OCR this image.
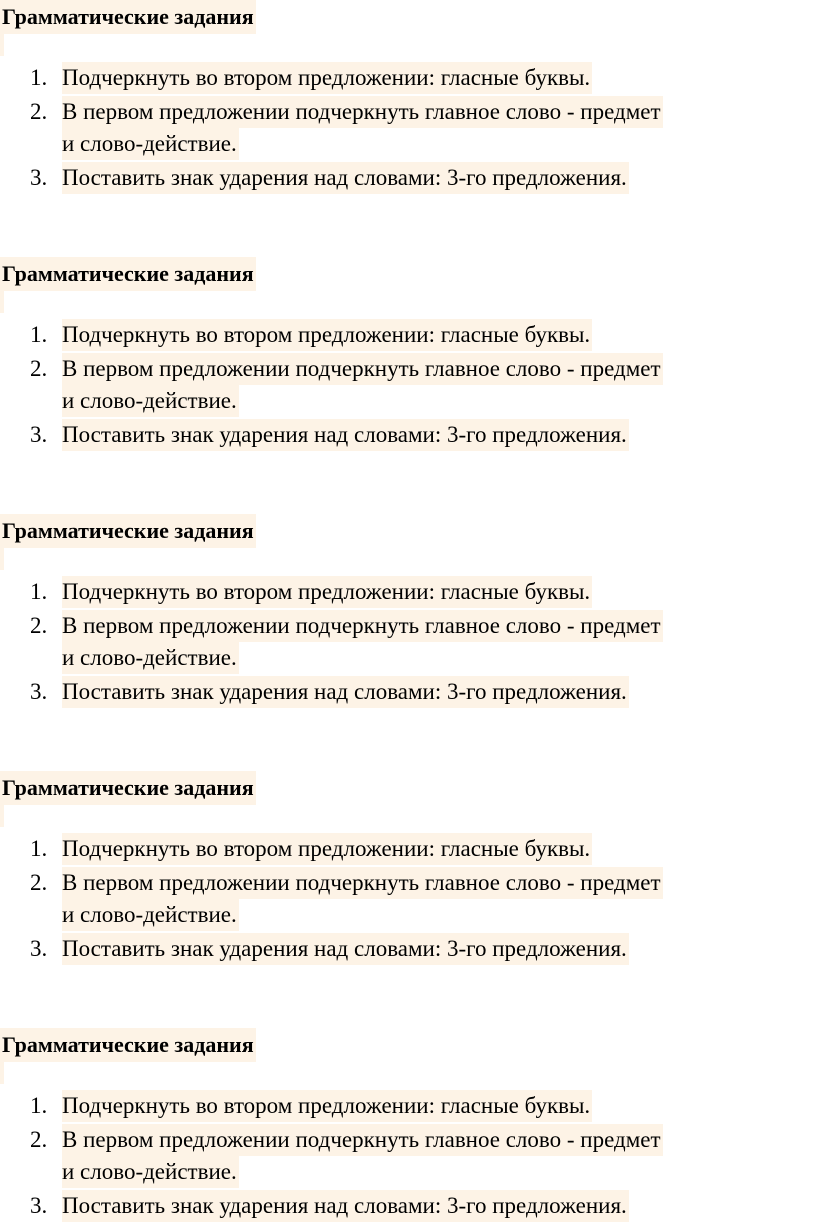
Грамматические задания
1. Подчеркнуть во втором предложении: гласные буквы.
2. В первом предложении подчеркнуть главное слово - предмет
и слово-действие.
3. Поставить знак ударения над словами: 3-го предложения.
Грамматические задания
1. Подчеркнуть во втором предложении: гласные буквы.
2. В первом предложении подчеркнуть главное слово - предмет
и слово-действие.
3. Поставить знак ударения над словами: 3-го предложения.
Грамматические задания
1. Подчеркнуть во втором предложении: гласные буквы.
2. В первом предложении подчеркнуть главное слово - предмет
и слово-действие.
3. Поставить знак ударения над словами: 3-го предложения.
Грамматические задания
1. Подчеркнуть во втором предложении: гласные буквы.
2. В первом предложении подчеркнуть главное слово - предмет
и слово-действие.
3. Поставить знак ударения над словами: 3-го предложения.
Грамматические задания
1. Подчеркнуть во втором предложении: гласные буквы.
2. В первом предложении подчеркнуть главное слово - предмет
и слово-действие.
3. Поставить знак ударения над словами: 3-го предложения.
